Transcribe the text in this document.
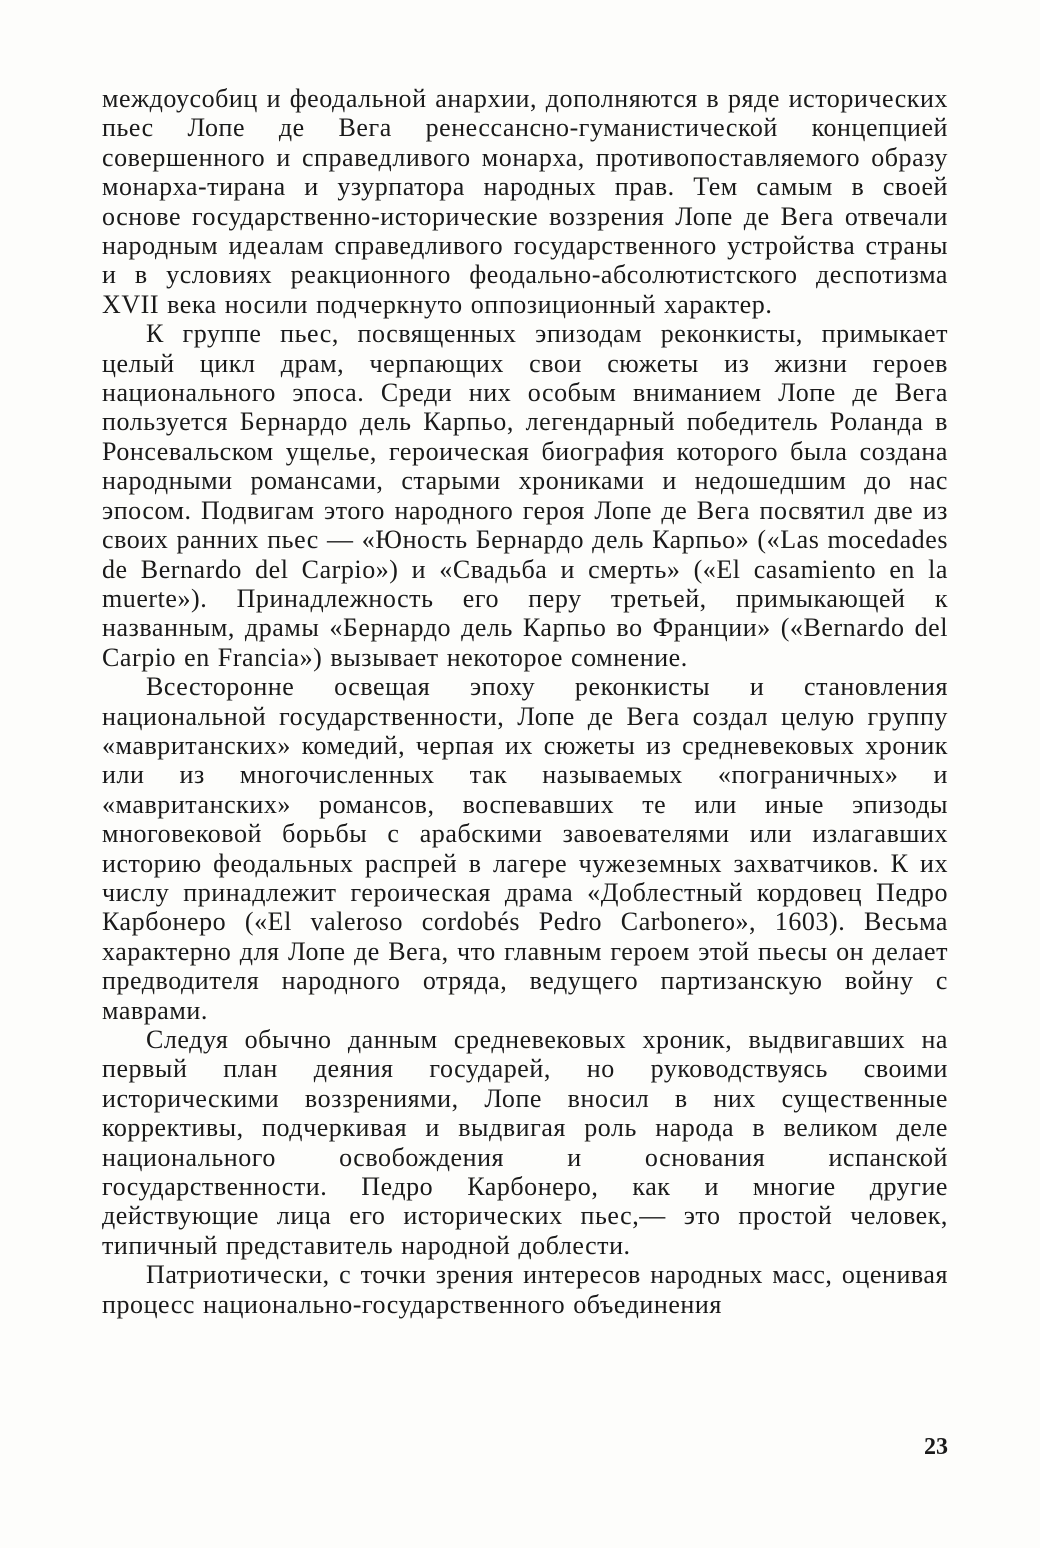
междоусобиц и феодальной анархии, дополняются в ряде исторических пьес Лопе де Вега ренессансно-гуманистической концепцией совершенного и справедливого монарха, противопоставляемого образу монарха-тирана и узурпатора народных прав. Тем самым в своей основе государственно-исторические воззрения Лопе де Вега отвечали народным идеалам справедливого государственного устройства страны и в условиях реакционного феодально-абсолютистского деспотизма XVII века носили подчеркнуто оппозиционный характер.

К группе пьес, посвященных эпизодам реконкисты, примыкает целый цикл драм, черпающих свои сюжеты из жизни героев национального эпоса. Среди них особым вниманием Лопе де Вега пользуется Бернардо дель Карпьо, легендарный победитель Роланда в Ронсевальском ущелье, героическая биография которого была создана народными романсами, старыми хрониками и недошедшим до нас эпосом. Подвигам этого народного героя Лопе де Вега посвятил две из своих ранних пьес — «Юность Бернардо дель Карпьо» («Las mocedades de Bernardo del Carpio») и «Свадьба и смерть» («El casamiento en la muerte»). Принадлежность его перу третьей, примыкающей к названным, драмы «Бернардо дель Карпьо во Франции» («Bernardo del Carpio en Francia») вызывает некоторое сомнение.

Всесторонне освещая эпоху реконкисты и становления национальной государственности, Лопе де Вега создал целую группу «мавританских» комедий, черпая их сюжеты из средневековых хроник или из многочисленных так называемых «пограничных» и «мавританских» романсов, воспевавших те или иные эпизоды многовековой борьбы с арабскими завоевателями или излагавших историю феодальных распрей в лагере чужеземных захватчиков. К их числу принадлежит героическая драма «Доблестный кордовец Педро Карбонеро («El valeroso cordobés Pedro Carbonero», 1603). Весьма характерно для Лопе де Вега, что главным героем этой пьесы он делает предводителя народного отряда, ведущего партизанскую войну с маврами.

Следуя обычно данным средневековых хроник, выдвигавших на первый план деяния государей, но руководствуясь своими историческими воззрениями, Лопе вносил в них существенные коррективы, подчеркивая и выдвигая роль народа в великом деле национального освобождения и основания испанской государственности. Педро Карбонеро, как и многие другие действующие лица его исторических пьес,— это простой человек, типичный представитель народной доблести.

Патриотически, с точки зрения интересов народных масс, оценивая процесс национально-государственного объединения

23
